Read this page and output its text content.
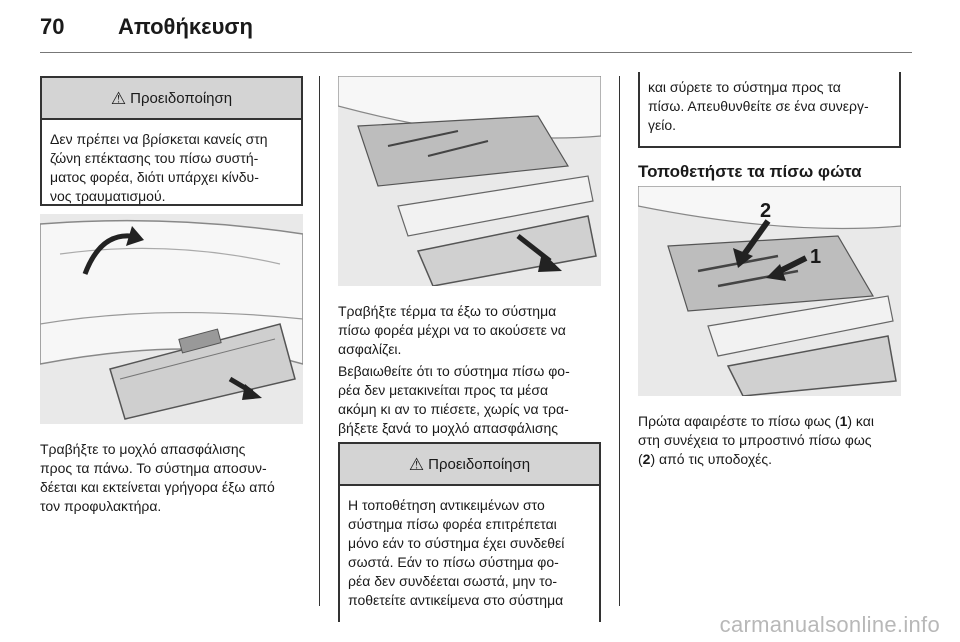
70 Αποθήκευση
⚠ Προειδοποίηση
Δεν πρέπει να βρίσκεται κανείς στη
ζώνη επέκτασης του πίσω συστή-
ματος φορέα, διότι υπάρχει κίνδυ-
νος τραυματισμού.
Τραβήξτε το μοχλό απασφάλισης
προς τα πάνω. Το σύστημα αποσυν-
δέεται και εκτείνεται γρήγορα έξω από
τον προφυλακτήρα.
Τραβήξτε τέρμα τα έξω το σύστημα
πίσω φορέα μέχρι να το ακούσετε να
ασφαλίζει.
Βεβαιωθείτε ότι το σύστημα πίσω φο-
ρέα δεν μετακινείται προς τα μέσα
ακόμη κι αν το πιέσετε, χωρίς να τρα-
βήξετε ξανά το μοχλό απασφάλισης
⚠ Προειδοποίηση
Η τοποθέτηση αντικειμένων στο
σύστημα πίσω φορέα επιτρέπεται
μόνο εάν το σύστημα έχει συνδεθεί
σωστά. Εάν το πίσω σύστημα φο-
ρέα δεν συνδέεται σωστά, μην το-
ποθετείτε αντικείμενα στο σύστημα
και σύρετε το σύστημα προς τα
πίσω. Απευθυνθείτε σε ένα συνεργ-
γείο.
Τοποθετήστε τα πίσω φώτα
2
1
Πρώτα αφαιρέστε το πίσω φως (1) και
στη συνέχεια το μπροστινό πίσω φως
(2) από τις υποδοχές.
carmanualsonline.info
